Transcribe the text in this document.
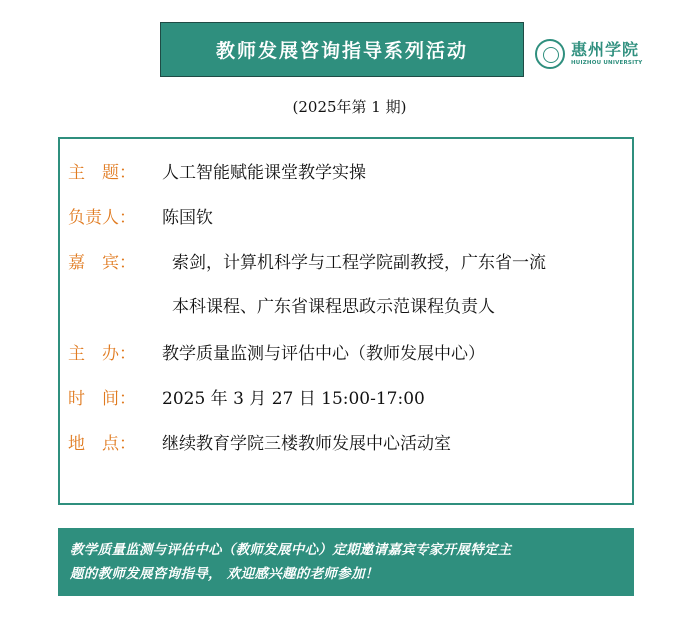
教师发展咨询指导系列活动	惠州学院
HUIZHOU UNIVERSITY
(2025年第 1 期)
主　题： 人工智能赋能课堂教学实操
负责人： 陈国钦
嘉　宾： 索剑，计算机科学与工程学院副教授，广东省一流
本科课程、广东省课程思政示范课程负责人
主　办： 教学质量监测与评估中心（教师发展中心）
时　间： 2025 年 3 月 27 日 15:00-17:00
地　点： 继续教育学院三楼教师发展中心活动室
教学质量监测与评估中心（教师发展中心）定期邀请嘉宾专家开展特定主
题的教师发展咨询指导， 欢迎感兴趣的老师参加！
